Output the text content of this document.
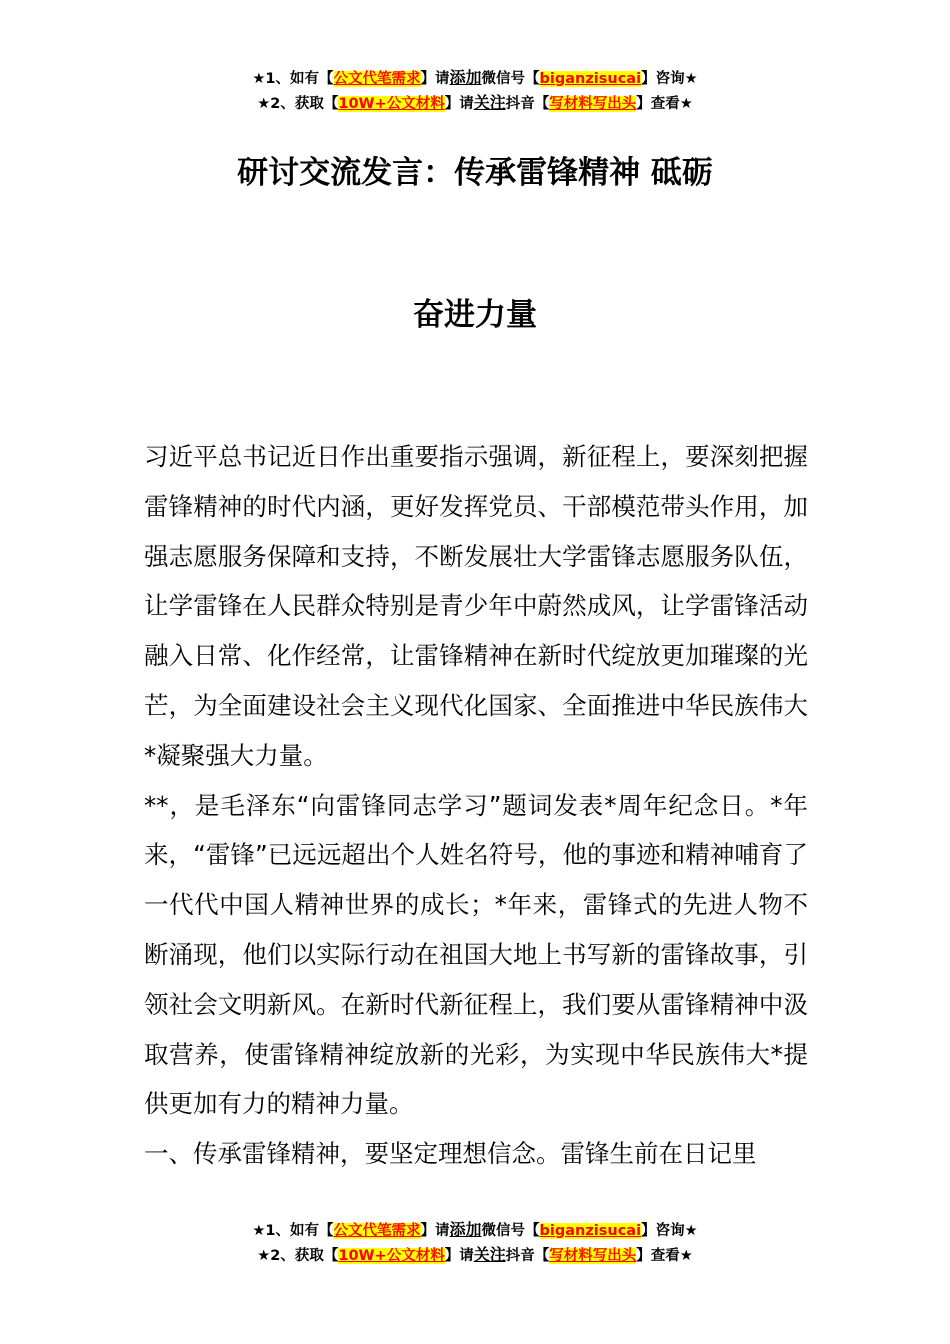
★1、如有【公文代笔需求】请添加微信号【biganzisucai】咨询★
★2、获取【10W+公文材料】请关注抖音【写材料写出头】查看★
研讨交流发言：传承雷锋精神 砥砺
奋进力量

习近平总书记近日作出重要指示强调，新征程上，要深刻把握雷锋精神的时代内涵，更好发挥党员、干部模范带头作用，加强志愿服务保障和支持，不断发展壮大学雷锋志愿服务队伍，让学雷锋在人民群众特别是青少年中蔚然成风，让学雷锋活动融入日常、化作经常，让雷锋精神在新时代绽放更加璀璨的光芒，为全面建设社会主义现代化国家、全面推进中华民族伟大*凝聚强大力量。

**，是毛泽东“向雷锋同志学习”题词发表*周年纪念日。*年来，“雷锋”已远远超出个人姓名符号，他的事迹和精神哺育了一代代中国人精神世界的成长；*年来，雷锋式的先进人物不断涌现，他们以实际行动在祖国大地上书写新的雷锋故事，引领社会文明新风。在新时代新征程上，我们要从雷锋精神中汲取营养，使雷锋精神绽放新的光彩，为实现中华民族伟大*提供更加有力的精神力量。

一、传承雷锋精神，要坚定理想信念。雷锋生前在日记里

★1、如有【公文代笔需求】请添加微信号【biganzisucai】咨询★
★2、获取【10W+公文材料】请关注抖音【写材料写出头】查看★
